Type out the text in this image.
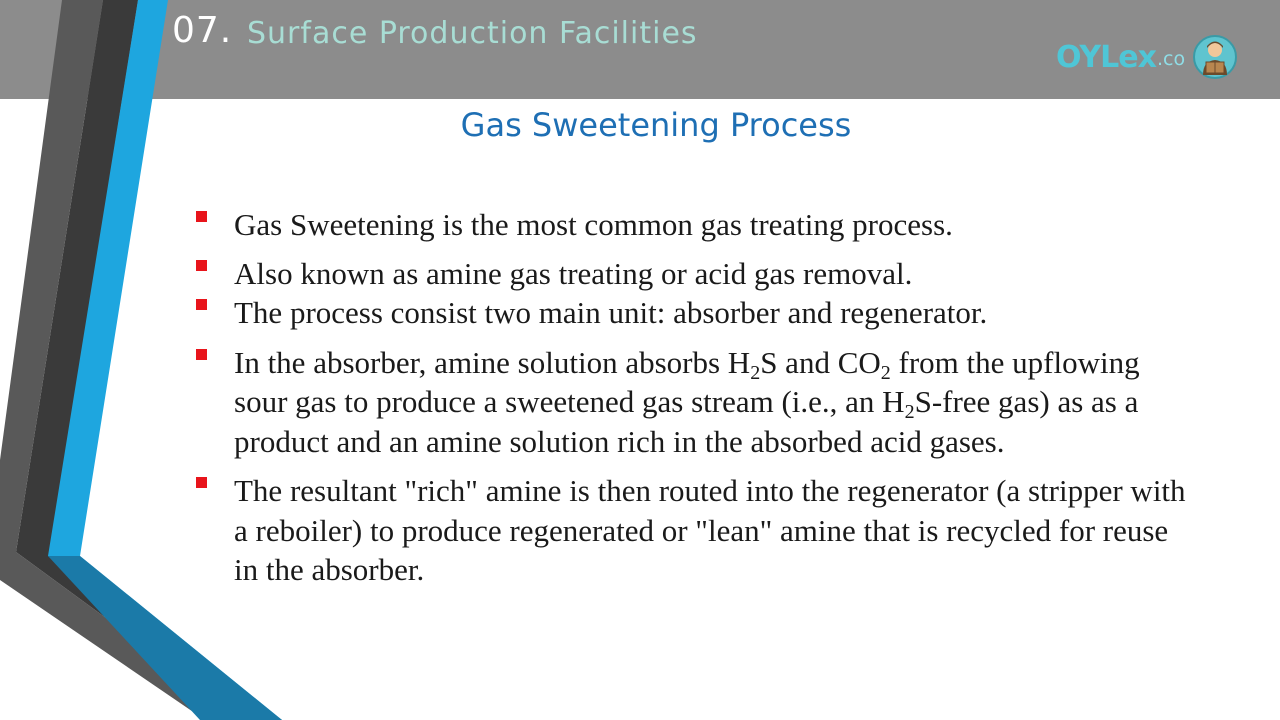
07. Surface Production Facilities
OYLex .co
Gas Sweetening Process
Gas Sweetening is the most common gas treating process.
Also known as amine gas treating or acid gas removal.
The process consist two main unit: absorber and regenerator.
In the absorber, amine solution absorbs $H_2S$ and $CO_2$ from the upflowing sour gas to produce a sweetened gas stream (i.e., an $H_2S$-free gas) as as a product and an amine solution rich in the absorbed acid gases.
The resultant "rich" amine is then routed into the regenerator (a stripper with a reboiler) to produce regenerated or "lean" amine that is recycled for reuse in the absorber.
